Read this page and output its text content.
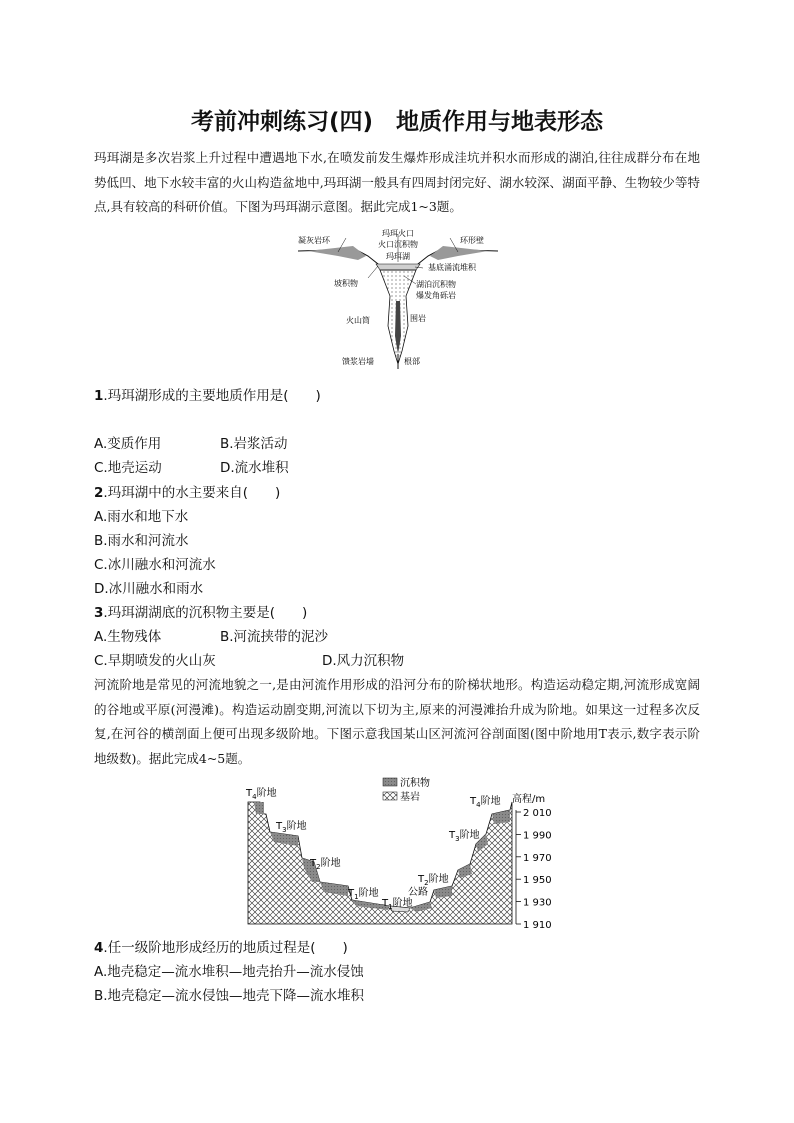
考前冲刺练习(四)　地质作用与地表形态

玛珥湖是多次岩浆上升过程中遭遇地下水,在喷发前发生爆炸形成洼坑并积水而形成的湖泊,往往成群分布在地势低凹、地下水较丰富的火山构造盆地中,玛珥湖一般具有四周封闭完好、湖水较深、湖面平静、生物较少等特点,具有较高的科研价值。下图为玛珥湖示意图。据此完成1~3题。

玛珥火口
凝灰岩环	火口沉积物	环形壁
玛珥湖
基底涌流堆积
坡积物	湖泊沉积物
爆发角砾岩
火山筒	围岩
馈浆岩墙	根部

1.玛珥湖形成的主要地质作用是(　　)

A.变质作用	B.岩浆活动
C.地壳运动	D.流水堆积

2.玛珥湖中的水主要来自(　　)

A.雨水和地下水
B.雨水和河流水
C.冰川融水和河流水
D.冰川融水和雨水

3.玛珥湖湖底的沉积物主要是(　　)

A.生物残体	B.河流挟带的泥沙
C.早期喷发的火山灰	D.风力沉积物

河流阶地是常见的河流地貌之一,是由河流作用形成的沿河分布的阶梯状地形。构造运动稳定期,河流形成宽阔的谷地或平原(河漫滩)。构造运动剧变期,河流以下切为主,原来的河漫滩抬升成为阶地。如果这一过程多次反复,在河谷的横剖面上便可出现多级阶地。下图示意我国某山区河流河谷剖面图(图中阶地用T表示,数字表示阶地级数)。据此完成4~5题。

沉积物
基岩
$T_4$阶地
$T_3$阶地
$T_2$阶地
$T_1$阶地
$T_1$阶地
公路
$T_2$阶地
$T_3$阶地
$T_4$阶地 高程/m
2 010
1 990
1 970
1 950
1 930
1 910

4.任一级阶地形成经历的地质过程是(　　)

A.地壳稳定—流水堆积—地壳抬升—流水侵蚀
B.地壳稳定—流水侵蚀—地壳下降—流水堆积
